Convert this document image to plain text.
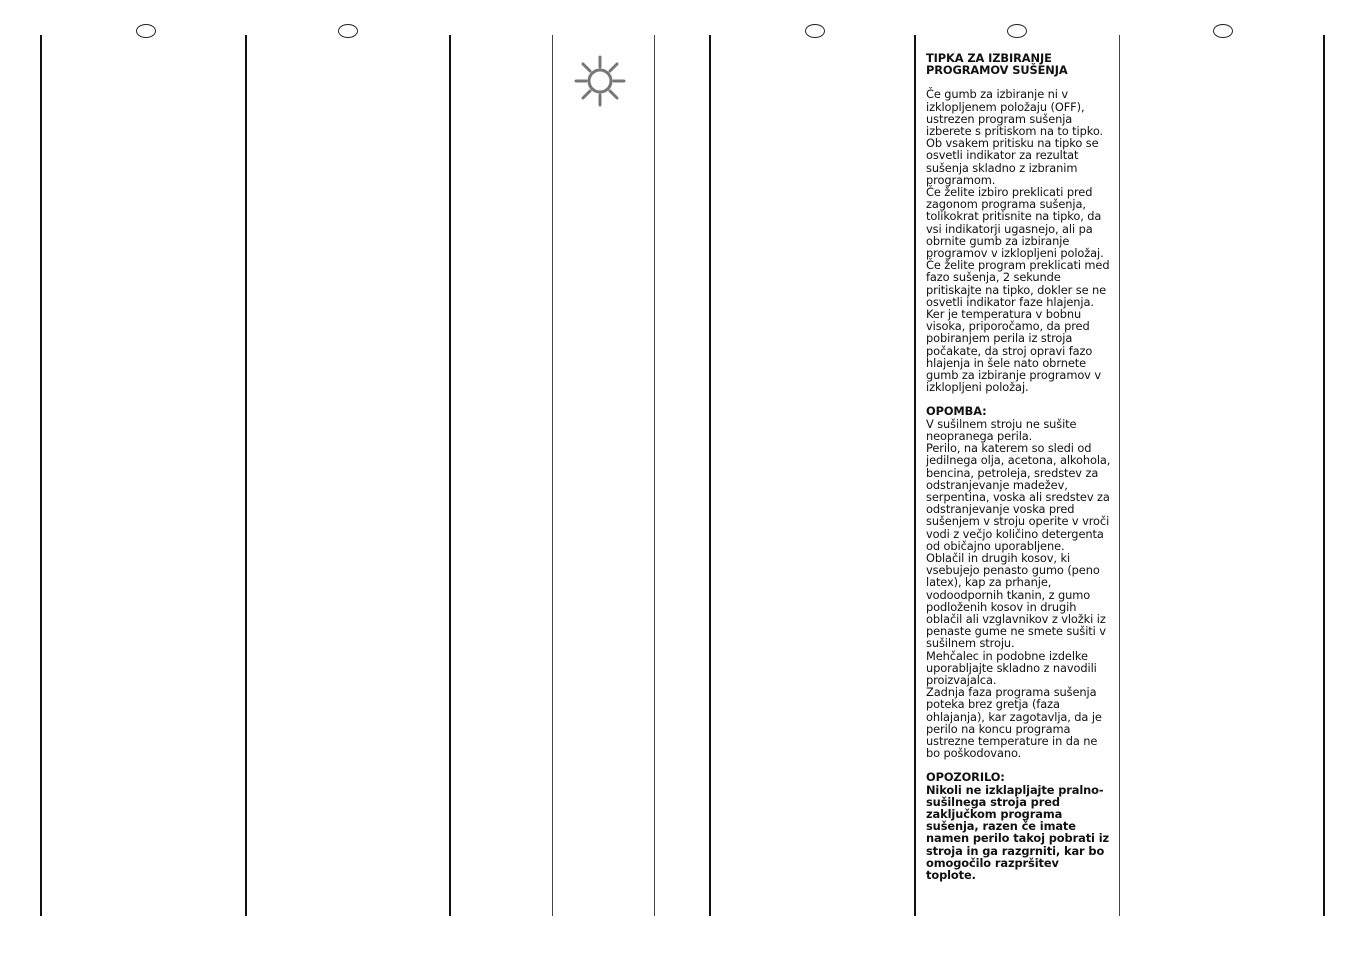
TIPKA ZA IZBIRANJE PROGRAMOV SUŠENJA

Če gumb za izbiranje ni v izklopljenem položaju (OFF), ustrezen program sušenja izberete s pritiskom na to tipko. Ob vsakem pritisku na tipko se osvetli indikator za rezultat sušenja skladno z izbranim programom.

Če želite izbiro preklicati pred zagonom programa sušenja, tolikokrat pritisnite na tipko, da vsi indikatorji ugasnejo, ali pa obrnite gumb za izbiranje programov v izklopljeni položaj.

Če želite program preklicati med fazo sušenja, 2 sekunde pritiskajte na tipko, dokler se ne osvetli indikator faze hlajenja. Ker je temperatura v bobnu visoka, priporočamo, da pred pobiranjem perila iz stroja počakate, da stroj opravi fazo hlajenja in šele nato obrnete gumb za izbiranje programov v izklopljeni položaj.

OPOMBA:

V sušilnem stroju ne sušite neopranega perila.

Perilo, na katerem so sledi od jedilnega olja, acetona, alkohola, bencina, petroleja, sredstev za odstranjevanje madežev, serpentina, voska ali sredstev za odstranjevanje voska pred sušenjem v stroju operite v vroči vodi z večjo količino detergenta od običajno uporabljene.

Oblačil in drugih kosov, ki vsebujejo penasto gumo (peno latex), kap za prhanje, vodoodpornih tkanin, z gumo podloženih kosov in drugih oblačil ali vzglavnikov z vložki iz penaste gume ne smete sušiti v sušilnem stroju.

Mehčalec in podobne izdelke uporabljajte skladno z navodili proizvajalca.

Zadnja faza programa sušenja poteka brez gretja (faza ohlajanja), kar zagotavlja, da je perilo na koncu programa ustrezne temperature in da ne bo poškodovano.

OPOZORILO:

Nikoli ne izklapljajte pralno-sušilnega stroja pred zaključkom programa sušenja, razen če imate namen perilo takoj pobrati iz stroja in ga razgrniti, kar bo omogočilo razpršitev toplote.
